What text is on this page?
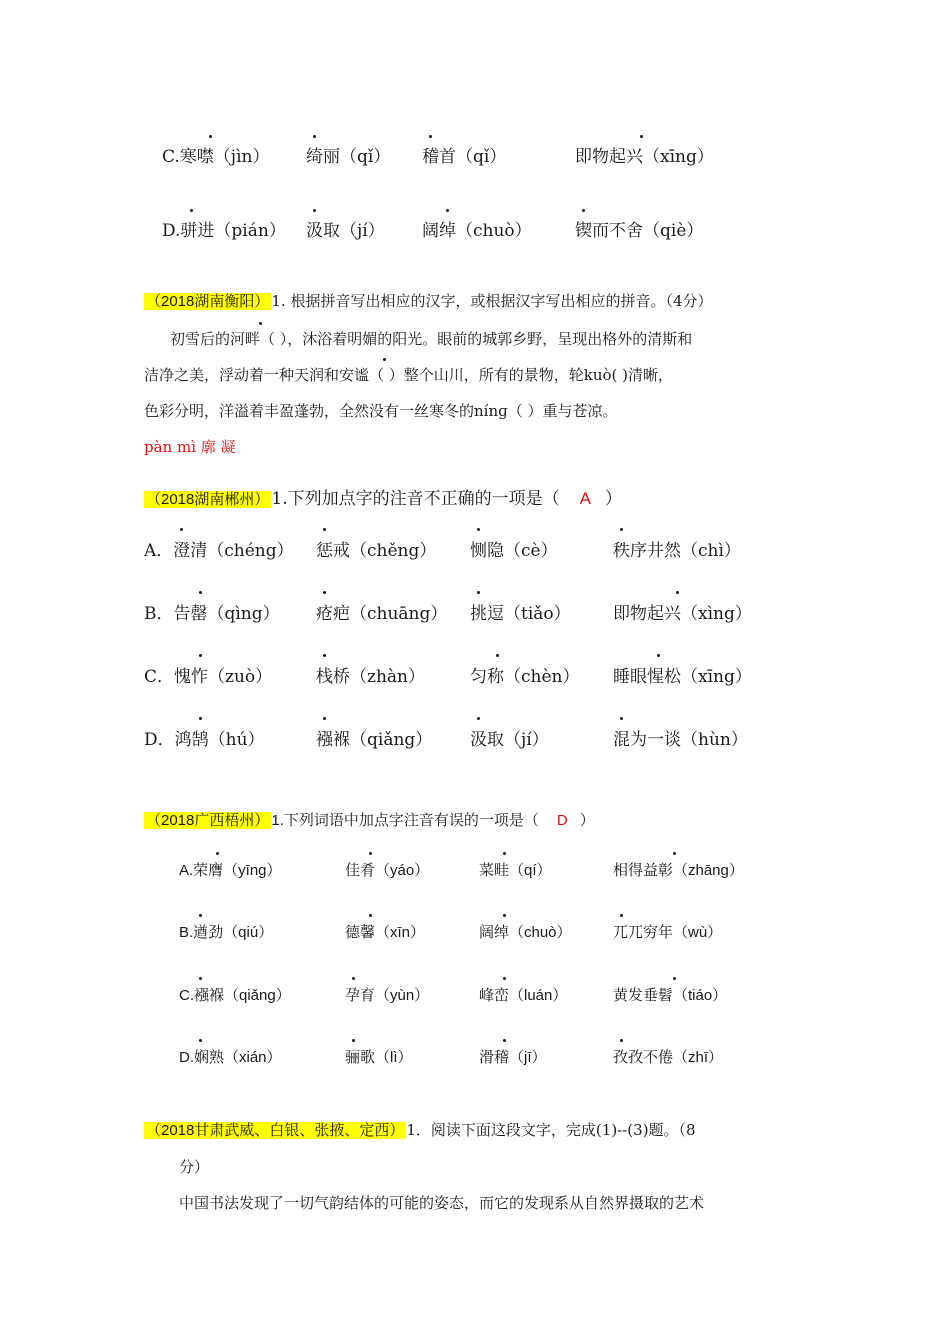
C.寒噤（jìn） 绮丽（qǐ） 稽首（qǐ）	即物起兴（xīng）
D.骈进（pián） 汲取（jí） 阔绰（chuò）	锲而不舍（qiè）
（2018湖南衡阳） 1. 根据拼音写出相应的汉字，或根据汉字写出相应的拼音。（4分）
初雪后的河畔（ ），沐浴着明媚的阳光。眼前的城郭乡野，呈现出格外的清斯和
洁净之美，浮动着一种天润和安谧（ ）整个山川，所有的景物，轮kuò( )清晰，
色彩分明，洋溢着丰盈蓬勃，全然没有一丝寒冬的nínɡ（ ）重与苍凉。
pàn mì 廓 凝
（2018湖南郴州） 1.下列加点字的注音不正确的一项是（ A ）
A．澄清（chéng） 惩戒（chěng） 恻隐（cè）	秩序井然（chì）
B．告罄（qìng） 疮疤（chuāng） 挑逗（tiǎo） 即物起兴（xìng）
C．愧怍（zuò）	栈桥（zhàn）	匀称（chèn） 睡眼惺松（xīng）
D．鸿鹄（hú）	襁褓（qiǎng） 汲取（jí）	混为一谈（hùn）
（2018广西梧州） 1.下列词语中加点字注音有误的一项是（ D ）
A.荣膺（yīng）	佳肴（yáo）	菜畦（qí）	相得益彰（zhāng）
B.遒劲（qiú）	德馨（xīn）	阔绰（chuò）	兀兀穷年（wù）
C.襁褓（qiǎng）	孕育（yùn）	峰峦（luán）	黄发垂髫（tiáo）
D.娴熟（xián）	骊歌（lì）	滑稽（jī）	孜孜不倦（zhī）
（2018甘肃武威、白银、张掖、定西） 1．阅读下面这段文字，完成(1)--(3)题。（8
分）
中国书法发现了一切气韵结体的可能的姿态，而它的发现系从自然界摄取的艺术
